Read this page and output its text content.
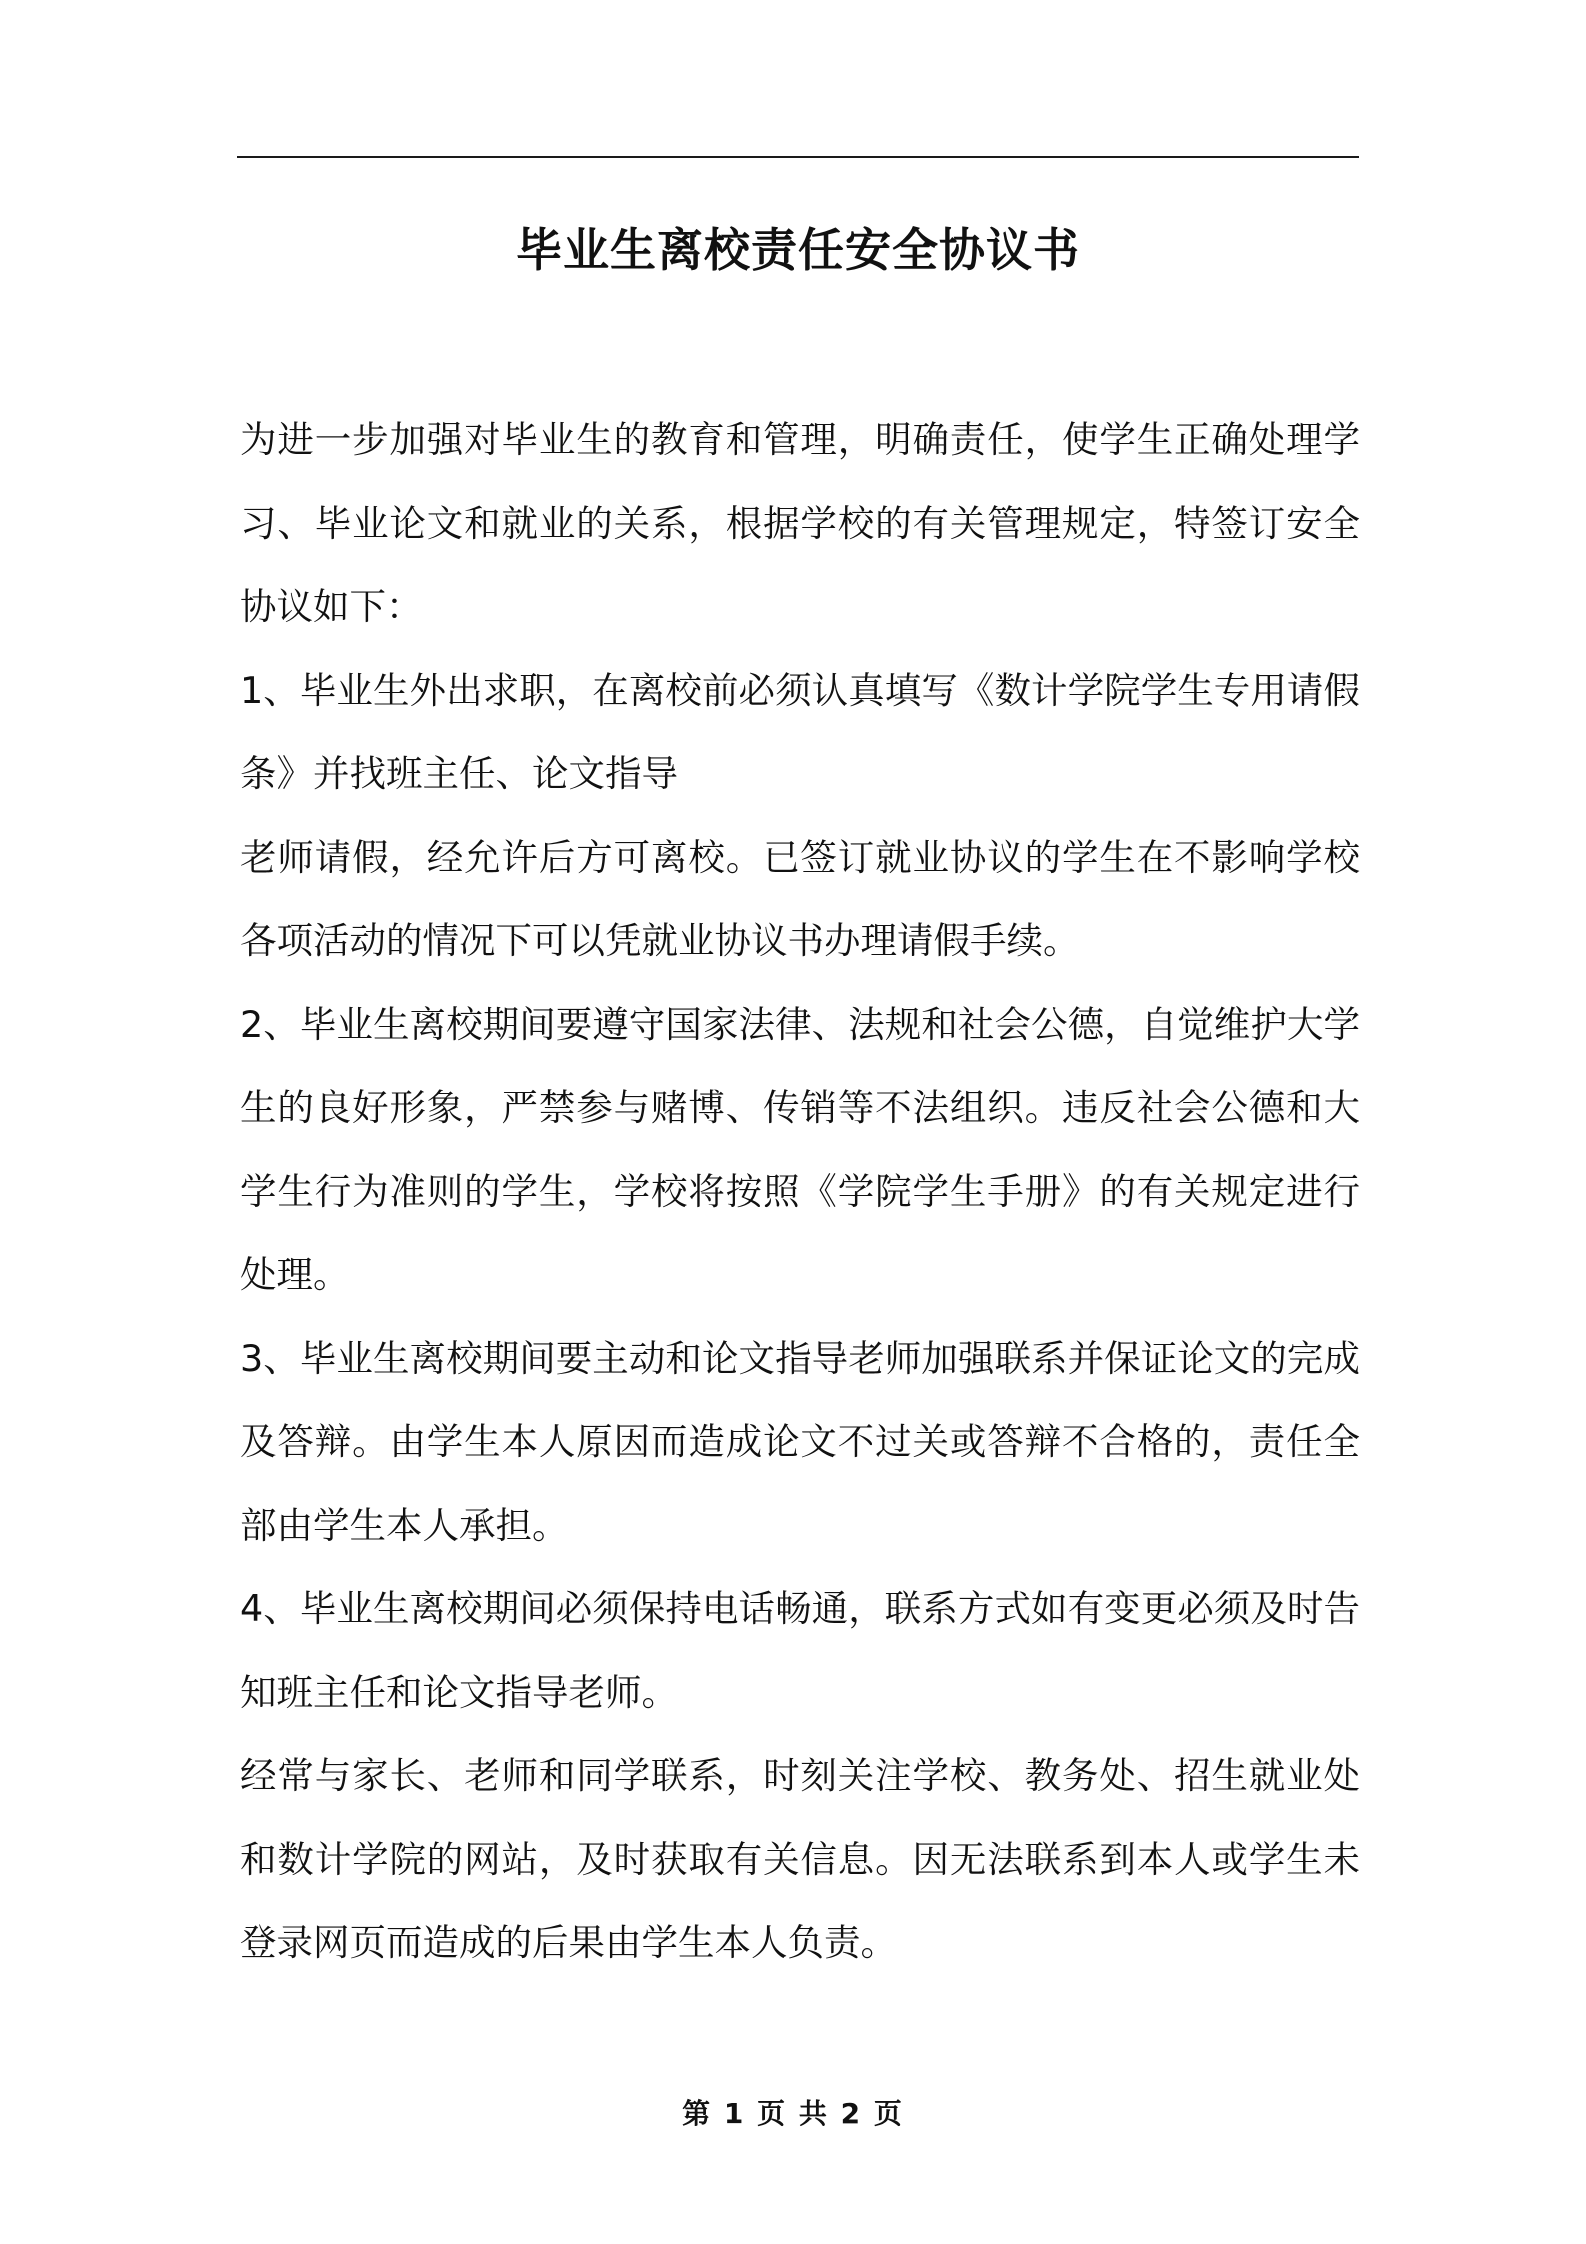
毕业生离校责任安全协议书

为进一步加强对毕业生的教育和管理，明确责任，使学生正确处理学习、毕业论文和就业的关系，根据学校的有关管理规定，特签订安全协议如下：

1、毕业生外出求职，在离校前必须认真填写《数计学院学生专用请假条》并找班主任、论文指导

老师请假，经允许后方可离校。已签订就业协议的学生在不影响学校各项活动的情况下可以凭就业协议书办理请假手续。

2、毕业生离校期间要遵守国家法律、法规和社会公德，自觉维护大学生的良好形象，严禁参与赌博、传销等不法组织。违反社会公德和大学生行为准则的学生，学校将按照《学院学生手册》的有关规定进行处理。

3、毕业生离校期间要主动和论文指导老师加强联系并保证论文的完成及答辩。由学生本人原因而造成论文不过关或答辩不合格的，责任全部由学生本人承担。

4、毕业生离校期间必须保持电话畅通，联系方式如有变更必须及时告知班主任和论文指导老师。

经常与家长、老师和同学联系，时刻关注学校、教务处、招生就业处和数计学院的网站，及时获取有关信息。因无法联系到本人或学生未登录网页而造成的后果由学生本人负责。

第 1 页 共 2 页
